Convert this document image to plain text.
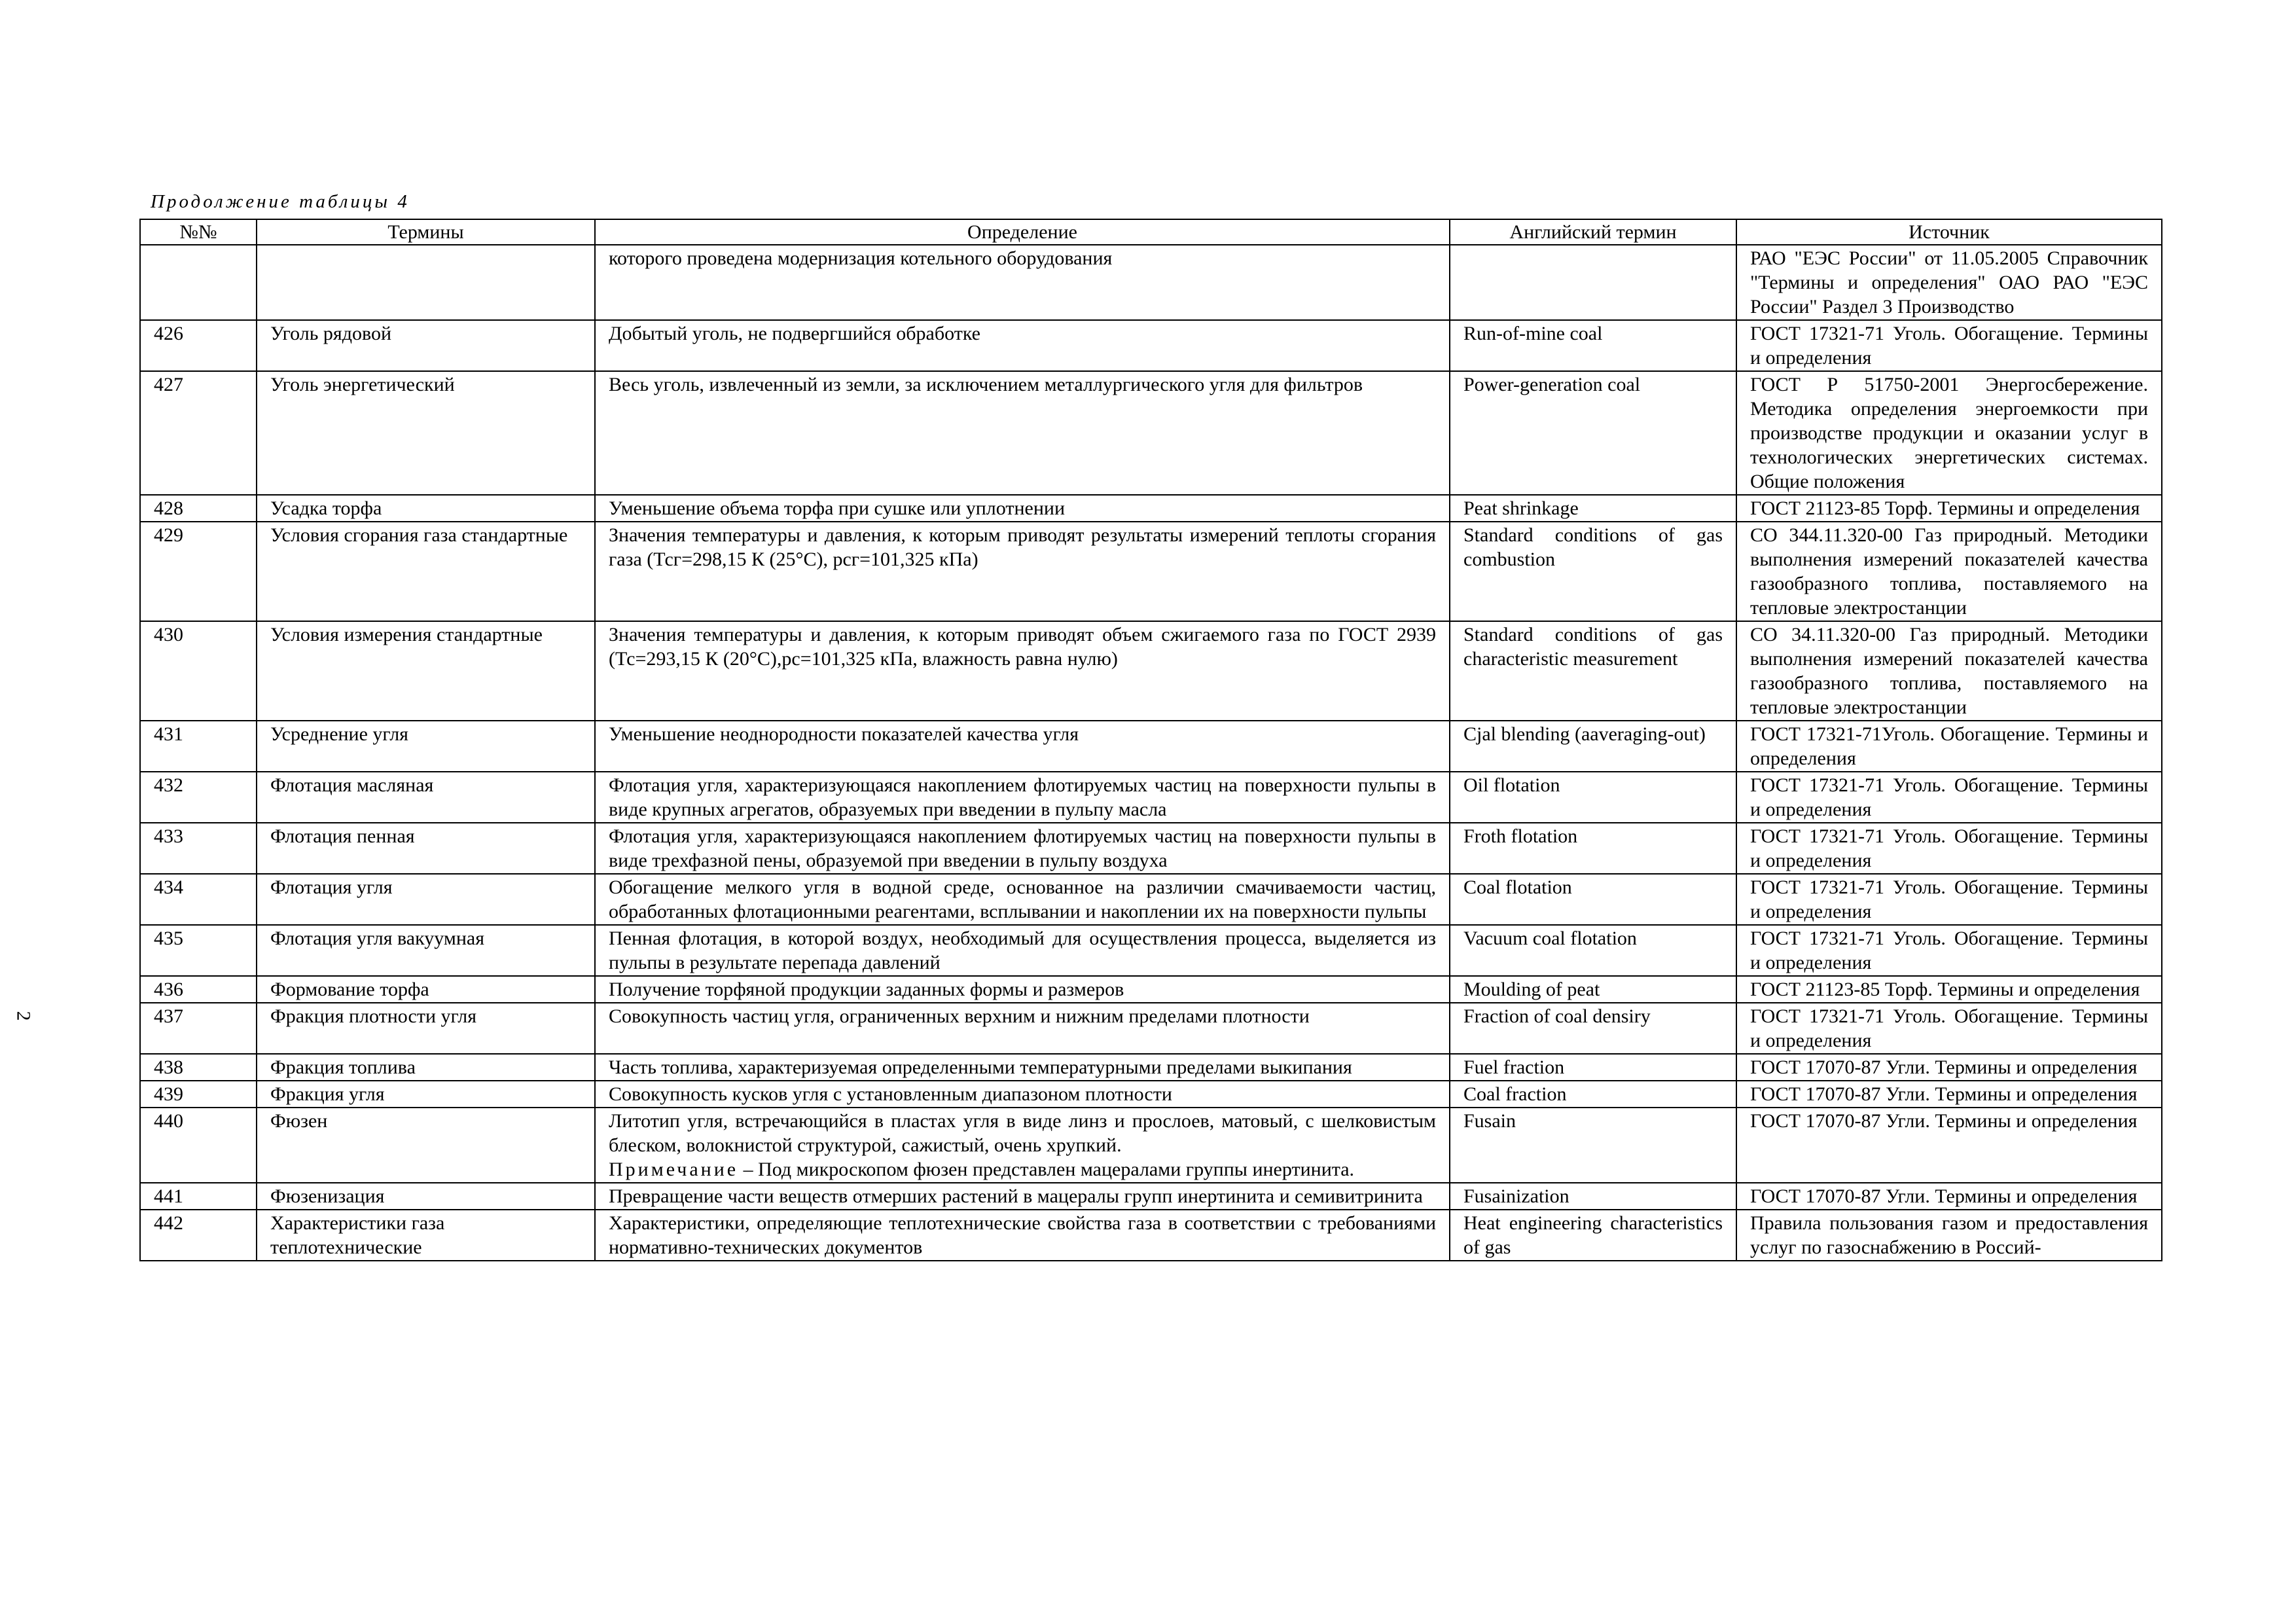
Продолжение таблицы 4
2
№№	Термины	Определение	Английский термин	Источник
		которого проведена модернизация котельного оборудования		РАО "ЕЭС России" от 11.05.2005 Справочник "Термины и определения" ОАО РАО "ЕЭС России" Раздел 3 Производство
426	Уголь рядовой	Добытый уголь, не подвергшийся обработке	Run-of-mine coal	ГОСТ 17321-71 Уголь. Обогащение. Термины и определения
427	Уголь энергетический	Весь уголь, извлеченный из земли, за исключением металлургического угля для фильтров	Power-generation coal	ГОСТ Р 51750-2001 Энергосбережение. Методика определения энергоемкости при производстве продукции и оказании услуг в технологических энергетических системах. Общие положения
428	Усадка торфа	Уменьшение объема торфа при сушке или уплотнении	Peat shrinkage	ГОСТ 21123-85 Торф. Термины и определения
429	Условия сгорания газа стандартные	Значения температуры и давления, к которым приводят результаты измерений теплоты сгорания газа (Тсг=298,15 К (25°С), рсг=101,325 кПа)	Standard conditions of gas combustion	СО 344.11.320-00 Газ природный. Методики выполнения измерений показателей качества газообразного топлива, поставляемого на тепловые электростанции
430	Условия измерения стандартные	Значения температуры и давления, к которым приводят объем сжигаемого газа по ГОСТ 2939 (Тс=293,15 К (20°С),рс=101,325 кПа, влажность равна нулю)	Standard conditions of gas characteristic measurement	СО 34.11.320-00 Газ природный. Методики выполнения измерений показателей качества газообразного топлива, поставляемого на тепловые электростанции
431	Усреднение угля	Уменьшение неоднородности показателей качества угля	Cjal blending (aaveraging-out)	ГОСТ 17321-71Уголь. Обогащение. Термины и определения
432	Флотация масляная	Флотация угля, характеризующаяся накоплением флотируемых частиц на поверхности пульпы в виде крупных агрегатов, образуемых при введении в пульпу масла	Oil flotation	ГОСТ 17321-71 Уголь. Обогащение. Термины и определения
433	Флотация пенная	Флотация угля, характеризующаяся накоплением флотируемых частиц на поверхности пульпы в виде трехфазной пены, образуемой при введении в пульпу воздуха	Froth flotation	ГОСТ 17321-71 Уголь. Обогащение. Термины и определения
434	Флотация угля	Обогащение мелкого угля в водной среде, основанное на различии смачиваемости частиц, обработанных флотационными реагентами, всплывании и накоплении их на поверхности пульпы	Coal flotation	ГОСТ 17321-71 Уголь. Обогащение. Термины и определения
435	Флотация угля вакуумная	Пенная флотация, в которой воздух, необходимый для осуществления процесса, выделяется из пульпы в результате перепада давлений	Vacuum coal flotation	ГОСТ 17321-71 Уголь. Обогащение. Термины и определения
436	Формование торфа	Получение торфяной продукции заданных формы и размеров	Moulding of peat	ГОСТ 21123-85 Торф. Термины и определения
437	Фракция плотности угля	Совокупность частиц угля, ограниченных верхним и нижним пределами плотности	Fraction of coal densiry	ГОСТ 17321-71 Уголь. Обогащение. Термины и определения
438	Фракция топлива	Часть топлива, характеризуемая определенными температурными пределами выкипания	Fuel fraction	ГОСТ 17070-87 Угли. Термины и определения
439	Фракция угля	Совокупность кусков угля с установленным диапазоном плотности	Coal fraction	ГОСТ 17070-87 Угли. Термины и определения
440	Фюзен	Литотип угля, встречающийся в пластах угля в виде линз и прослоев, матовый, с шелковистым блеском, волокнистой структурой, сажистый, очень хрупкий.
Примечание – Под микроскопом фюзен представлен мацералами группы инертинита.	Fusain	ГОСТ 17070-87 Угли. Термины и определения
441	Фюзенизация	Превращение части веществ отмерших растений в мацералы групп инертинита и семивитринита	Fusainization	ГОСТ 17070-87 Угли. Термины и определения
442	Характеристики газа теплотехнические	Характеристики, определяющие теплотехнические свойства газа в соответствии с требованиями нормативно-технических документов	Heat engineering characteristics of gas	Правила пользования газом и предоставления услуг по газоснабжению в Россий-
